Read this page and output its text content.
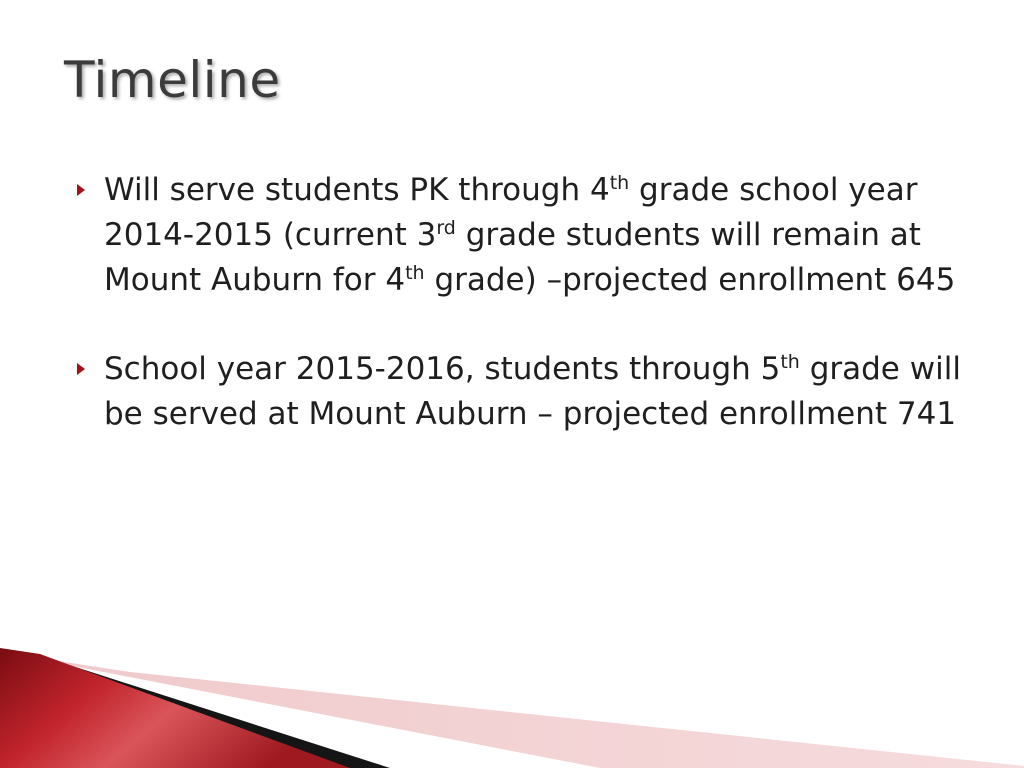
Timeline
Will serve students PK through 4th grade school year 2014-2015 (current 3rd grade students will remain at Mount Auburn for 4th grade) –projected enrollment 645
School year 2015-2016, students through 5th grade will be served at Mount Auburn – projected enrollment 741
